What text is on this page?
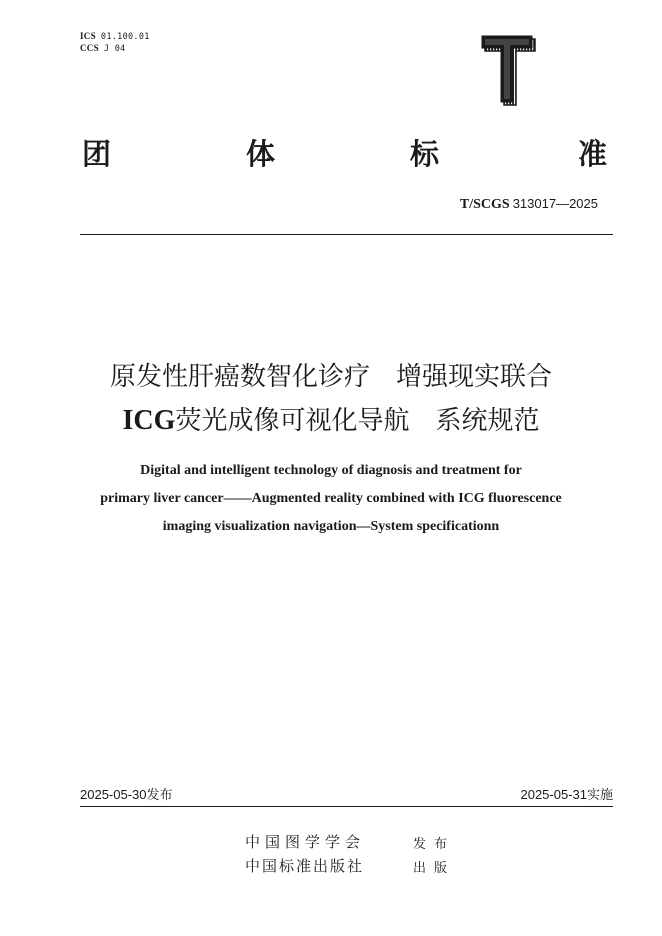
ICS 01.100.01
CCS J 04
团	体	标	准
T/SCGS 313017—2025
原发性肝癌数智化诊疗　增强现实联合
ICG荧光成像可视化导航　系统规范
Digital and intelligent technology of diagnosis and treatment for
primary liver cancer——Augmented reality combined with ICG fluorescence
imaging visualization navigation—System specificationn
2025-05-30发布	2025-05-31实施
中国图学学会	发布
中国标准出版社	出版
